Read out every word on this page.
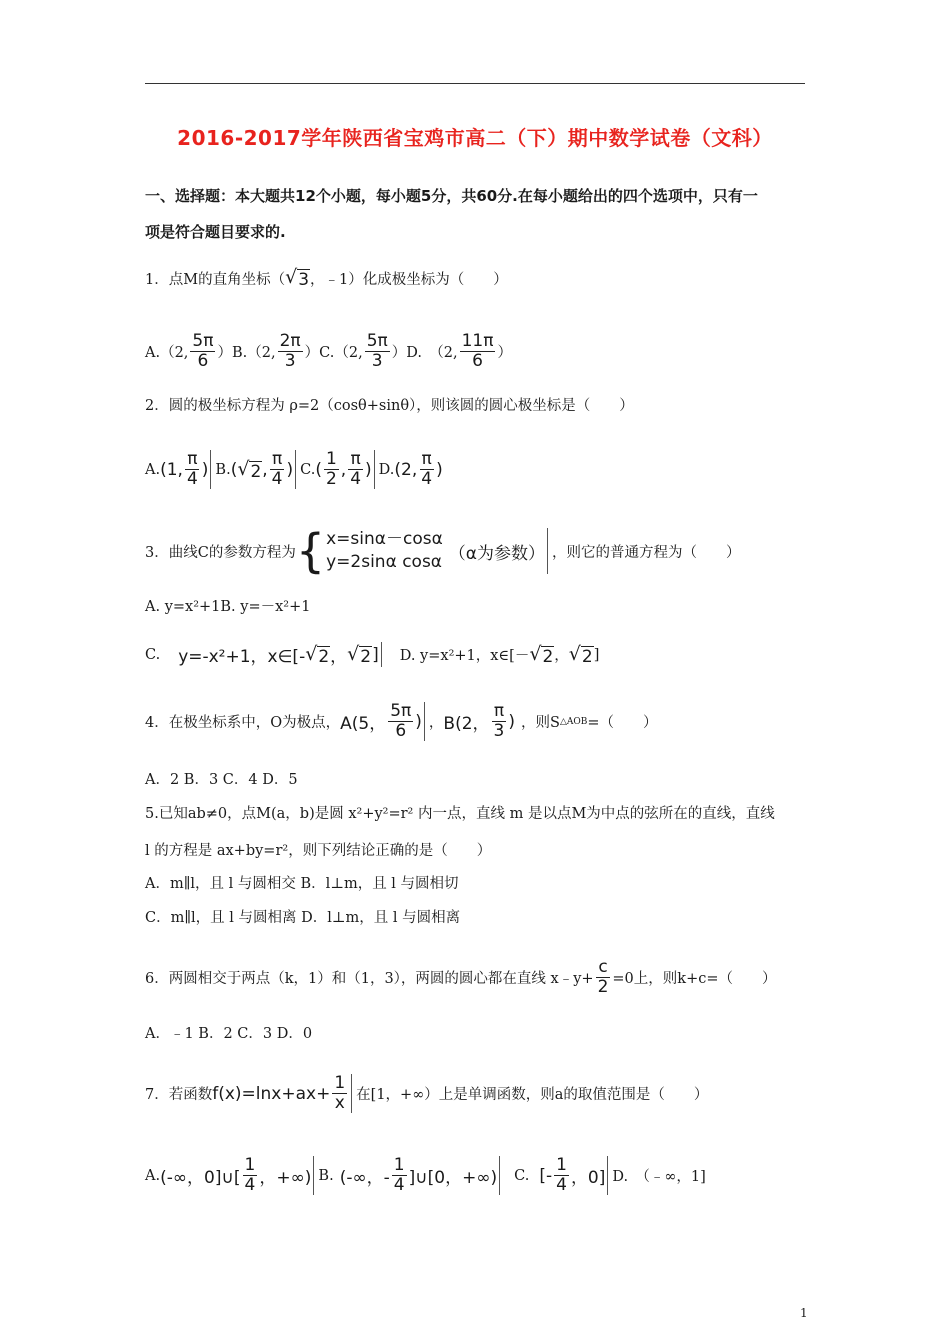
2016-2017学年陕西省宝鸡市高二（下）期中数学试卷（文科）
一、选择题：本大题共12个小题，每小题5分，共60分.在每小题给出的四个选项中，只有一
项是符合题目要求的.
1．点M的直角坐标（ √ 3 ，﹣1）化成极坐标为（　　）
A.（2, $\frac{5\pi}{6} )B.(2$, $\frac{2\pi}{3} )C.(2$, $\frac{5\pi}{3} )D$.　（2, $\frac{11\pi}{6}$ ）
2．圆的极坐标方程为 ρ=2（cosθ+sinθ），则该圆的圆心极坐标是（　　）
A. (1, $\frac{\pi}{4}$ ) B. ( √ 2 , $\frac{\pi}{4}$ ) C. ( $\frac{1}{2}$ , $\frac{\pi}{4}$ ) D. (2, $\frac{\pi}{4}$ )
3．曲线C的参数方程为 { x=sinα－cosα
y=2sinα cosα （α为参数） ，则它的普通方程为（　　）
A. y=x²+1B. y=－x²+1
C. y=-x²+1，x∈[- √ 2 ， √ 2 ] D. y=x²+1，x∈[－ √ 2 ， √ 2 ]
4．在极坐标系中，O为极点， A(5， $\frac{5\pi}{6}$ ) ， B(2， $\frac{\pi}{3}$ ) ，则S △AOB =（　　）
A．2 B．3 C．4 D．5
5.已知ab≠0，点M(a，b)是圆 x²+y²=r² 内一点，直线 m 是以点M为中点的弦所在的直线，直线
l 的方程是 ax+by=r²，则下列结论正确的是（　　）
A．m∥l，且 l 与圆相交 B．l⊥m，且 l 与圆相切
C．m∥l，且 l 与圆相离 D．l⊥m，且 l 与圆相离
6．两圆相交于两点（k，1）和（1，3），两圆的圆心都在直线 x﹣y+ $\frac{c}{2} =0$上，则k+c=（　　）
A．﹣1 B．2 C．3 D．0
7．若函数 $f(x)=\ln x+ax+ \frac{1}{x}$ 在[1，+∞）上是单调函数，则a的取值范围是（　　）
A. (-∞，0]∪[ $\frac{1}{4}$ ，+∞) B. (-∞，- $\frac{1}{4}$ ]∪[0，+∞) C. [- $\frac{1}{4}$ ，0] D.　（﹣∞，1]
1
